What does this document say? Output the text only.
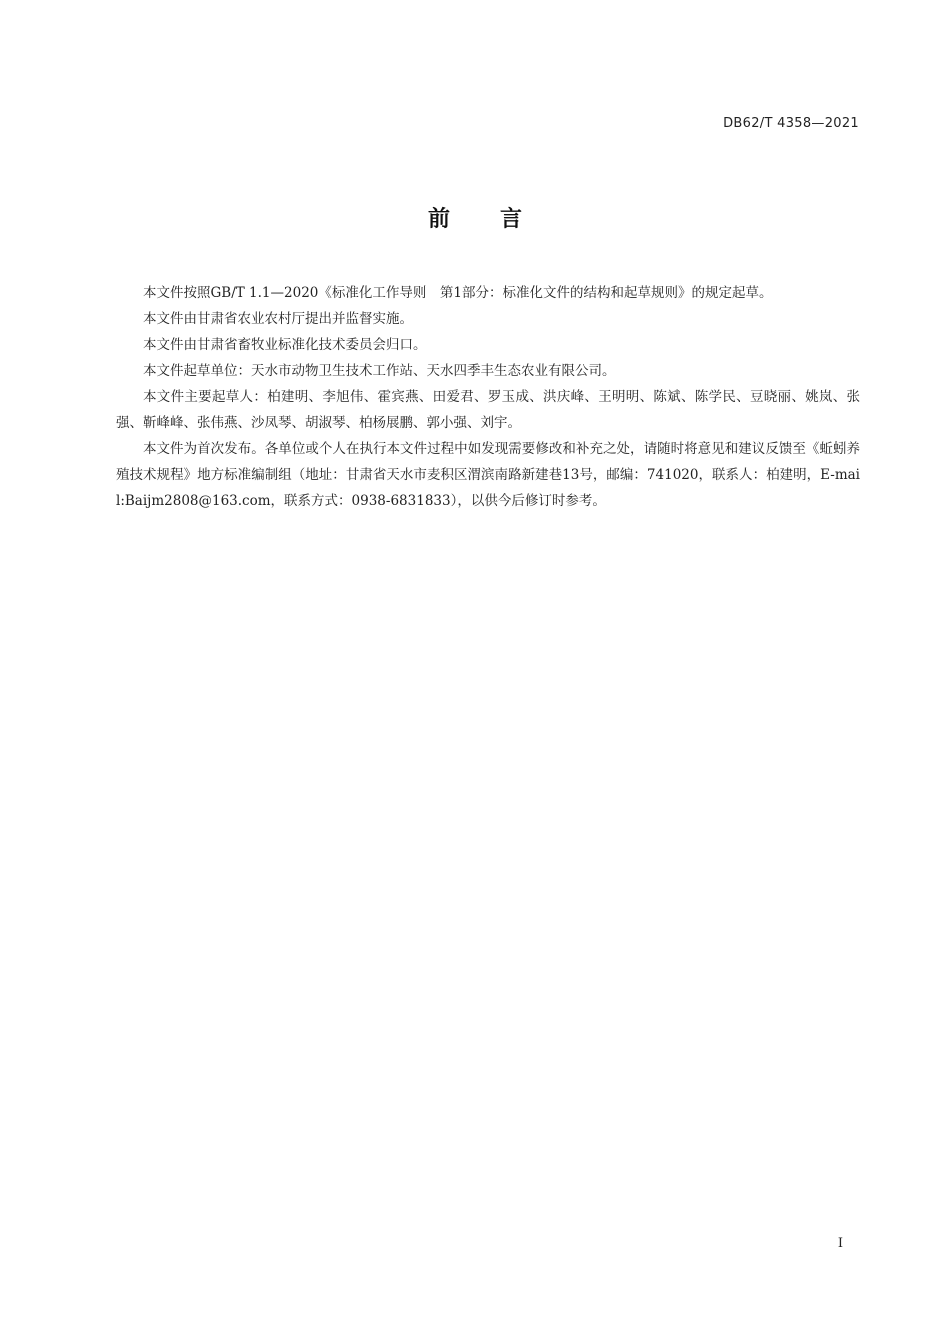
DB62/T 4358—2021
前 言

本文件按照GB/T 1.1—2020《标准化工作导则　第1部分：标准化文件的结构和起草规则》的规定起草。

本文件由甘肃省农业农村厅提出并监督实施。

本文件由甘肃省畜牧业标准化技术委员会归口。

本文件起草单位：天水市动物卫生技术工作站、天水四季丰生态农业有限公司。

本文件主要起草人：柏建明、李旭伟、霍宾燕、田爱君、罗玉成、洪庆峰、王明明、陈斌、陈学民、豆晓丽、姚岚、张强、靳峰峰、张伟燕、沙凤琴、胡淑琴、柏杨展鹏、郭小强、刘宇。

本文件为首次发布。各单位或个人在执行本文件过程中如发现需要修改和补充之处，请随时将意见和建议反馈至《蚯蚓养殖技术规程》地方标准编制组（地址：甘肃省天水市麦积区渭滨南路新建巷13号，邮编：741020，联系人：柏建明，E-mail:Baijm2808@163.com，联系方式：0938-6831833），以供今后修订时参考。

I
